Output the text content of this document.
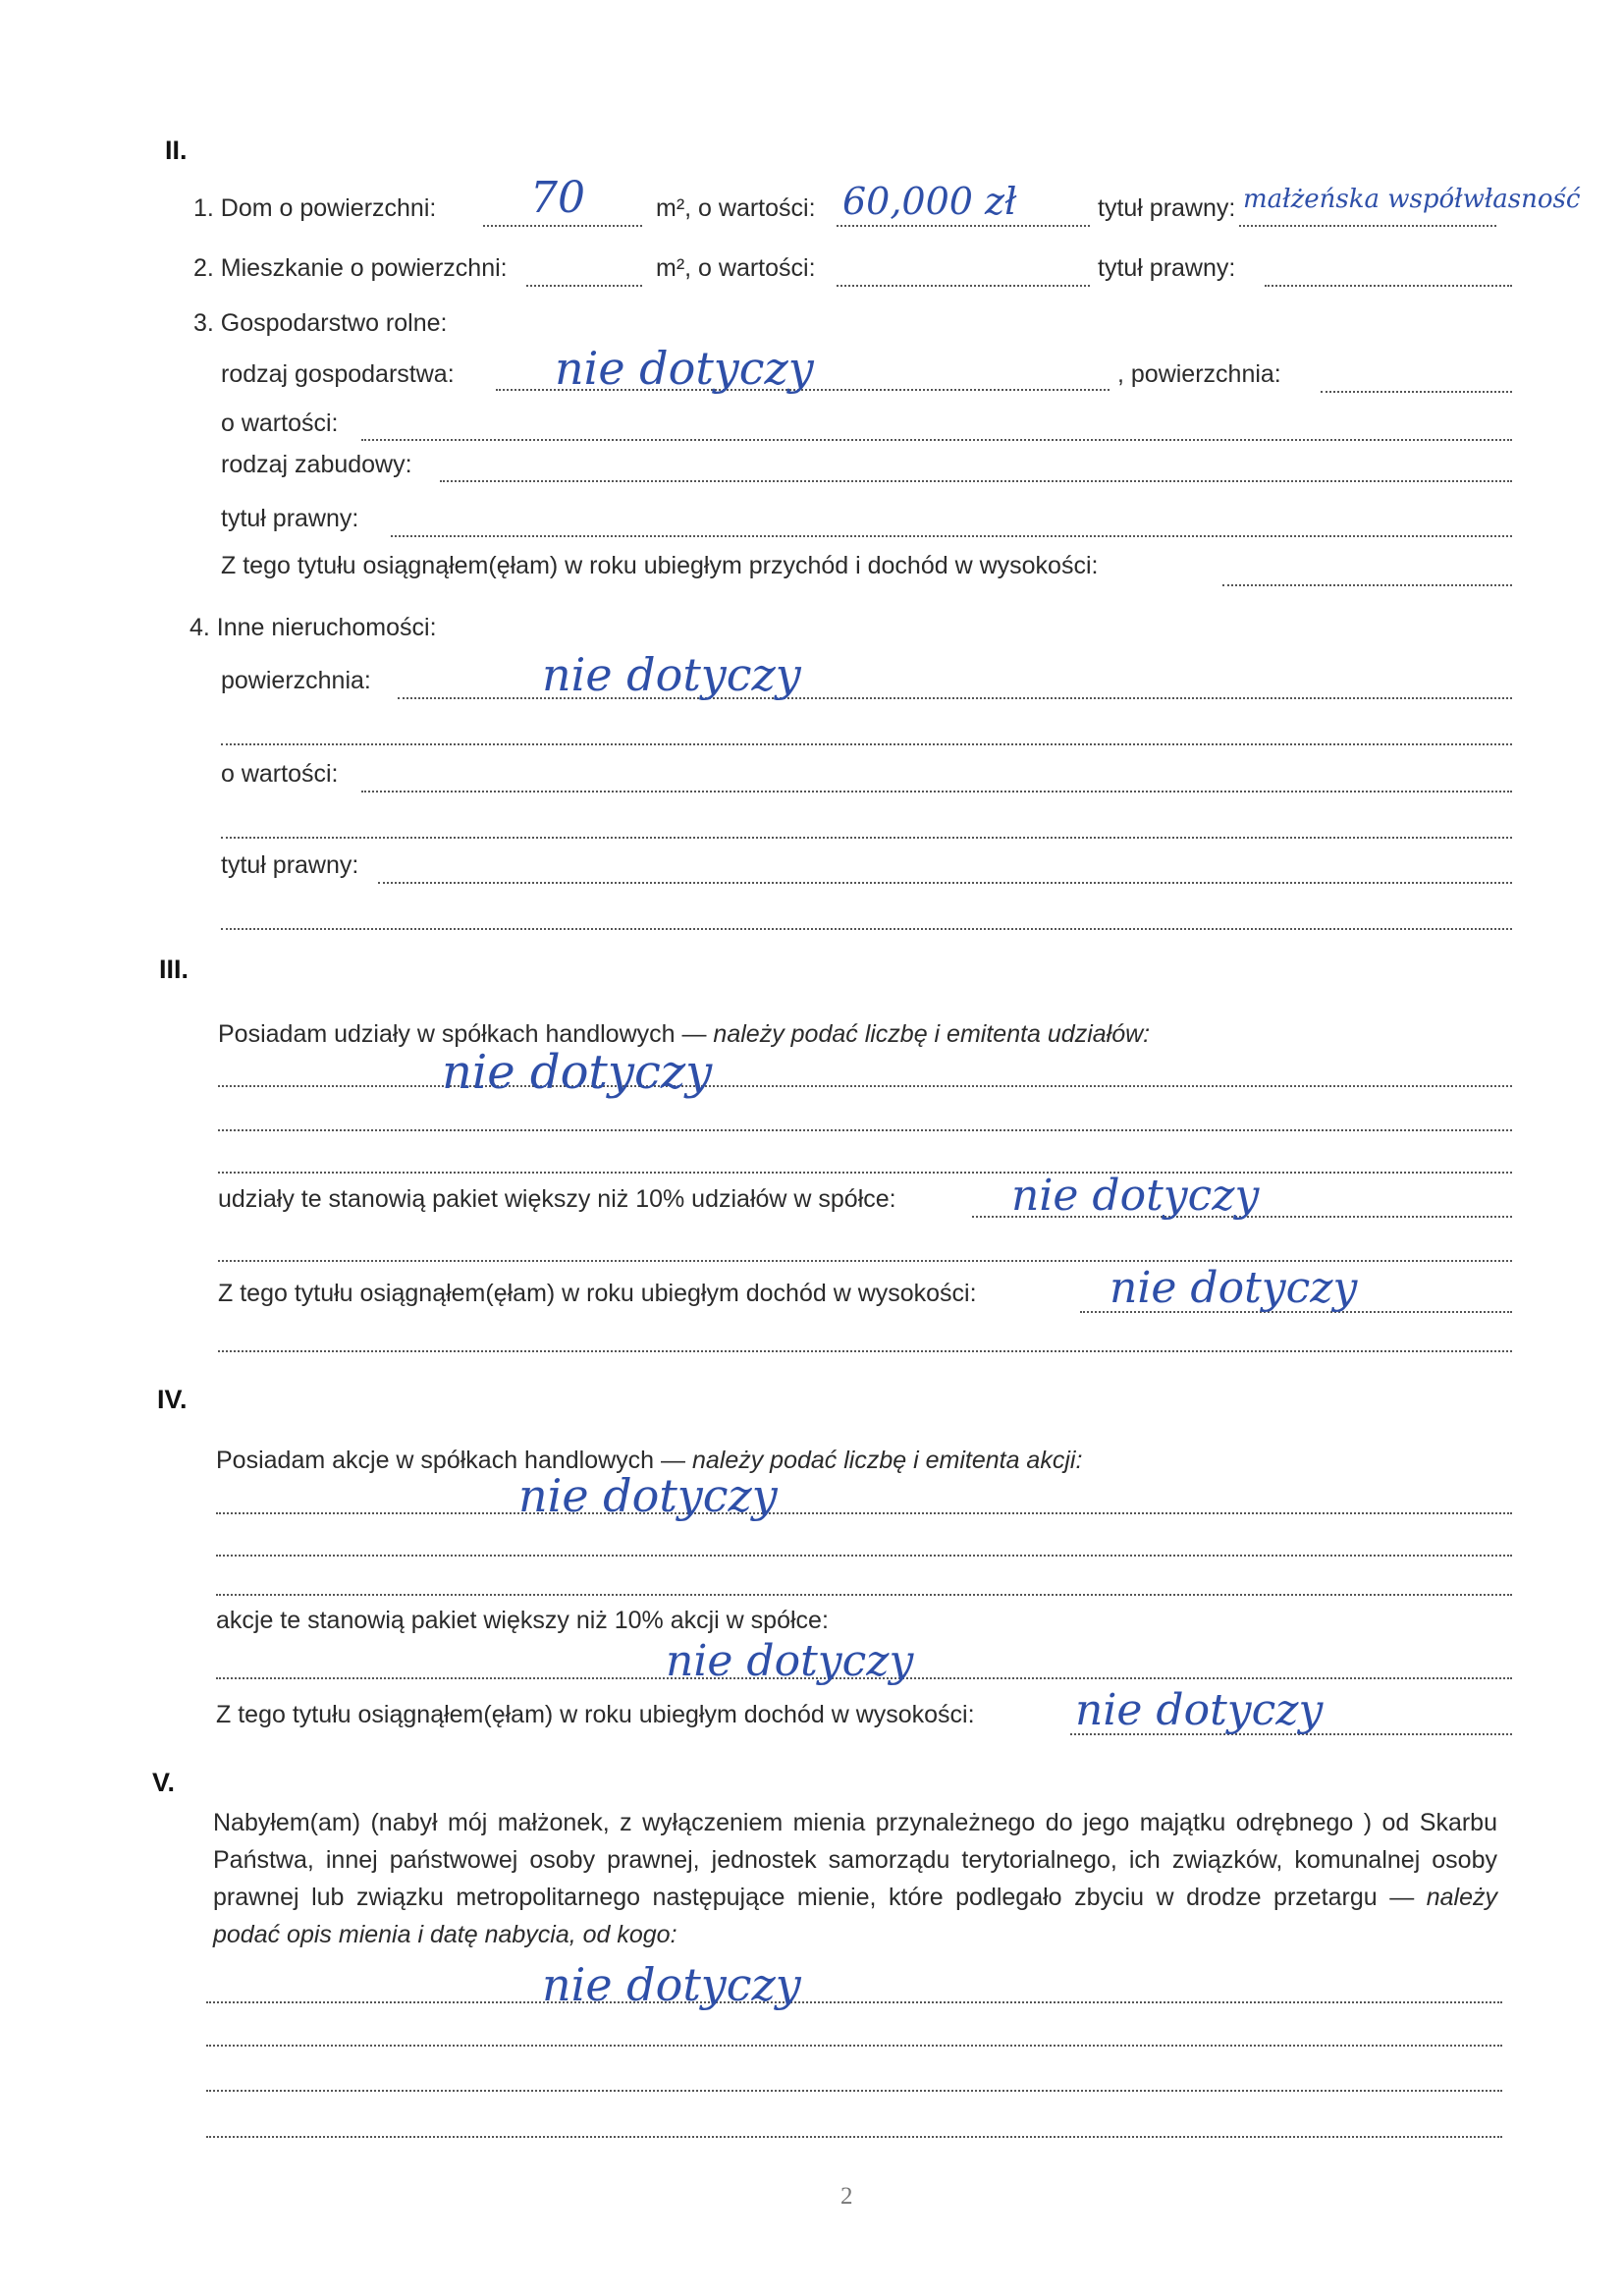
II.
1. Dom o powierzchni: 70	m², o wartości: 60,000 zł	tytuł prawny: małżeńska współwłasność
2. Mieszkanie o powierzchni:	m², o wartości:	tytuł prawny:
3. Gospodarstwo rolne:
rodzaj gospodarstwa: nie dotyczy	, powierzchnia:
o wartości:
rodzaj zabudowy:
tytuł prawny:
Z tego tytułu osiągnąłem(ęłam) w roku ubiegłym przychód i dochód w wysokości:
4. Inne nieruchomości:
powierzchnia:	nie dotyczy
o wartości:
tytuł prawny:
III.
Posiadam udziały w spółkach handlowych — należy podać liczbę i emitenta udziałów:
nie dotyczy
udziały te stanowią pakiet większy niż 10% udziałów w spółce:	nie dotyczy
Z tego tytułu osiągnąłem(ęłam) w roku ubiegłym dochód w wysokości:	nie dotyczy
IV.
Posiadam akcje w spółkach handlowych — należy podać liczbę i emitenta akcji:
nie dotyczy
akcje te stanowią pakiet większy niż 10% akcji w spółce:
nie dotyczy
Z tego tytułu osiągnąłem(ęłam) w roku ubiegłym dochód w wysokości: nie dotyczy
V.
Nabyłem(am) (nabył mój małżonek, z wyłączeniem mienia przynależnego do jego majątku odrębnego ) od Skarbu Państwa, innej państwowej osoby prawnej, jednostek samorządu terytorialnego, ich związków, komunalnej osoby prawnej lub związku metropolitarnego następujące mienie, które podlegało zbyciu w drodze przetargu — należy podać opis mienia i datę nabycia, od kogo:
nie dotyczy
2
